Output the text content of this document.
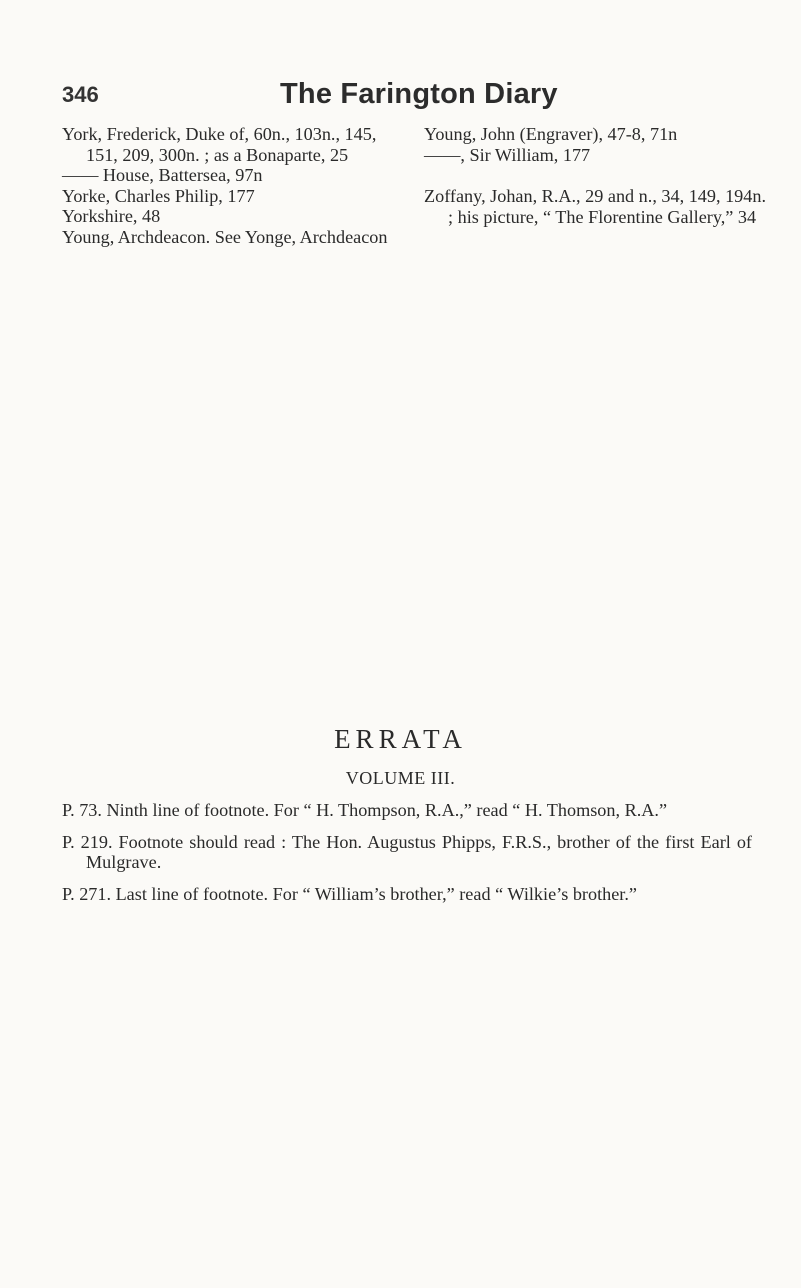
346	The Farington Diary

York, Frederick, Duke of, 60n., 103n., 145, 151, 209, 300n. ; as a Bonaparte, 25

—— House, Battersea, 97n

Yorke, Charles Philip, 177

Yorkshire, 48

Young, Archdeacon. See Yonge, Archdeacon

Young, John (Engraver), 47-8, 71n

——, Sir William, 177

Zoffany, Johan, R.A., 29 and n., 34, 149, 194n. ; his picture, “ The Florentine Gallery,” 34

ERRATA
VOLUME III.

P. 73. Ninth line of footnote. For “ H. Thompson, R.A.,” read “ H. Thomson, R.A.”

P. 219. Footnote should read : The Hon. Augustus Phipps, F.R.S., brother of the first Earl of Mulgrave.

P. 271. Last line of footnote. For “ William’s brother,” read “ Wilkie’s brother.”
